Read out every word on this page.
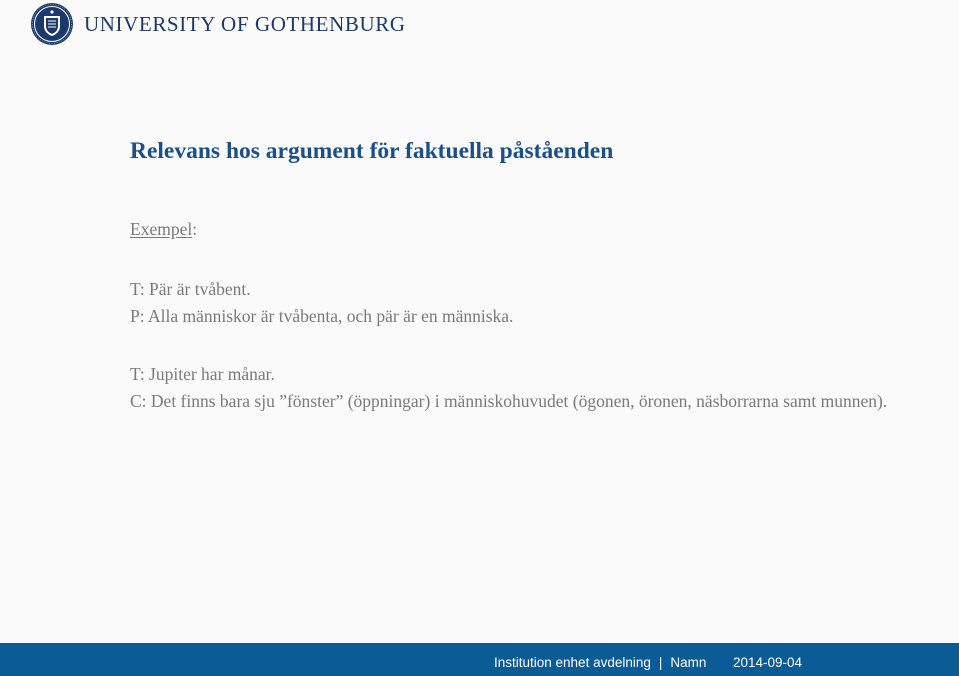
UNIVERSITY OF GOTHENBURG
Relevans hos argument för faktuella påståenden
Exempel:
T: Pär är tvåbent.
P: Alla människor är tvåbenta, och pär är en människa.
T: Jupiter har månar.
C: Det finns bara sju ”fönster” (öppningar) i människohuvudet (ögonen, öronen, näsborrarna samt munnen).
Institution enhet avdelning | Namn 2014-09-04
